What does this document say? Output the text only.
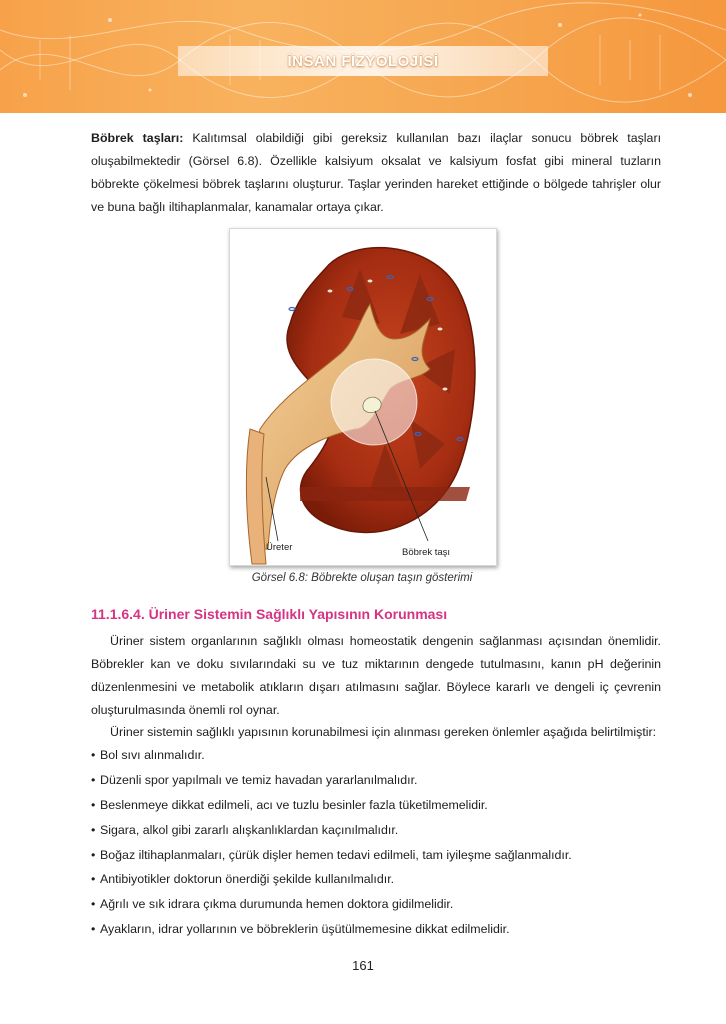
İNSAN FİZYOLOJİSİ
Böbrek taşları: Kalıtımsal olabildiği gibi gereksiz kullanılan bazı ilaçlar sonucu böbrek taşları oluşabilmektedir (Görsel 6.8). Özellikle kalsiyum oksalat ve kalsiyum fosfat gibi mineral tuzların böbrekte çökelmesi böbrek taşlarını oluşturur. Taşlar yerinden hareket ettiğinde o bölgede tahrişler olur ve buna bağlı iltihaplanmalar, kanamalar ortaya çıkar.
Üreter	Böbrek taşı
Görsel 6.8: Böbrekte oluşan taşın gösterimi
11.1.6.4. Üriner Sistemin Sağlıklı Yapısının Korunması
Üriner sistem organlarının sağlıklı olması homeostatik dengenin sağlanması açısından önemlidir. Böbrekler kan ve doku sıvılarındaki su ve tuz miktarının dengede tutulmasını, kanın pH değerinin düzenlenmesini ve metabolik atıkların dışarı atılmasını sağlar. Böylece kararlı ve dengeli iç çevrenin oluşturulmasında önemli rol oynar.
Üriner sistemin sağlıklı yapısının korunabilmesi için alınması gereken önlemler aşağıda belirtilmiştir:
• Bol sıvı alınmalıdır.
• Düzenli spor yapılmalı ve temiz havadan yararlanılmalıdır.
• Beslenmeye dikkat edilmeli, acı ve tuzlu besinler fazla tüketilmemelidir.
• Sigara, alkol gibi zararlı alışkanlıklardan kaçınılmalıdır.
• Boğaz iltihaplanmaları, çürük dişler hemen tedavi edilmeli, tam iyileşme sağlanmalıdır.
• Antibiyotikler doktorun önerdiği şekilde kullanılmalıdır.
• Ağrılı ve sık idrara çıkma durumunda hemen doktora gidilmelidir.
• Ayakların, idrar yollarının ve böbreklerin üşütülmemesine dikkat edilmelidir.
161
